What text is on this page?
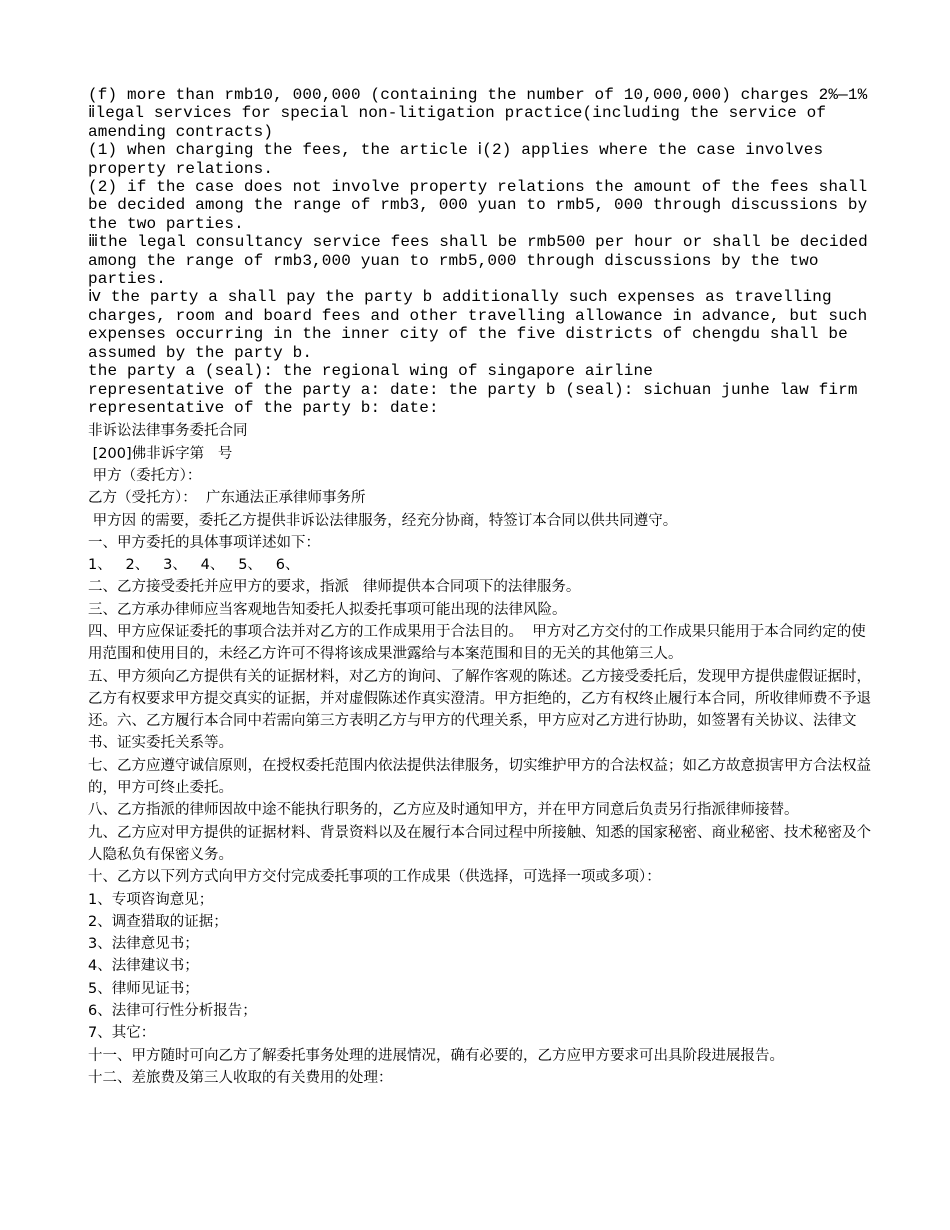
(f) more than rmb10, 000,000 (containing the number of 10,000,000) charges 2%—1%

ⅱlegal services for special non-litigation practice(including the service of amending contracts)

(1) when charging the fees, the article ⅰ(2) applies where the case involves property relations.

(2) if the case does not involve property relations the amount of the fees shall be decided among the range of rmb3, 000 yuan to rmb5, 000 through discussions by the two parties.

ⅲthe legal consultancy service fees shall be rmb500 per hour or shall be decided among the range of rmb3,000 yuan to rmb5,000 through discussions by the two parties.

ⅳ the party a shall pay the party b additionally such expenses as travelling charges, room and board fees and other travelling allowance in advance, but such expenses occurring in the inner city of the five districts of chengdu shall be assumed by the party b.

the party a (seal): the regional wing of singapore airline

representative of the party a: date: the party b (seal): sichuan junhe law firm representative of the party b: date:

非诉讼法律事务委托合同

[200]佛非诉字第   号

甲方（委托方）：

乙方（受托方）：  广东通法正承律师事务所

甲方因 的需要，委托乙方提供非诉讼法律服务，经充分协商，特签订本合同以供共同遵守。

一、甲方委托的具体事项详述如下：

1、   2、   3、   4、   5、   6、

二、乙方接受委托并应甲方的要求，指派   律师提供本合同项下的法律服务。

三、乙方承办律师应当客观地告知委托人拟委托事项可能出现的法律风险。

四、甲方应保证委托的事项合法并对乙方的工作成果用于合法目的。  甲方对乙方交付的工作成果只能用于本合同约定的使用范围和使用目的，未经乙方许可不得将该成果泄露给与本案范围和目的无关的其他第三人。

五、甲方须向乙方提供有关的证据材料，对乙方的询问、了解作客观的陈述。乙方接受委托后，发现甲方提供虚假证据时，乙方有权要求甲方提交真实的证据，并对虚假陈述作真实澄清。甲方拒绝的，乙方有权终止履行本合同，所收律师费不予退还。六、乙方履行本合同中若需向第三方表明乙方与甲方的代理关系，甲方应对乙方进行协助，如签署有关协议、法律文书、证实委托关系等。

七、乙方应遵守诚信原则，在授权委托范围内依法提供法律服务，切实维护甲方的合法权益；如乙方故意损害甲方合法权益的，甲方可终止委托。

八、乙方指派的律师因故中途不能执行职务的，乙方应及时通知甲方，并在甲方同意后负责另行指派律师接替。

九、乙方应对甲方提供的证据材料、背景资料以及在履行本合同过程中所接触、知悉的国家秘密、商业秘密、技术秘密及个人隐私负有保密义务。

十、乙方以下列方式向甲方交付完成委托事项的工作成果（供选择，可选择一项或多项）：

1、专项咨询意见；

2、调查猎取的证据；

3、法律意见书；

4、法律建议书；

5、律师见证书；

6、法律可行性分析报告；

7、其它：

十一、甲方随时可向乙方了解委托事务处理的进展情况，确有必要的，乙方应甲方要求可出具阶段进展报告。

十二、差旅费及第三人收取的有关费用的处理：
